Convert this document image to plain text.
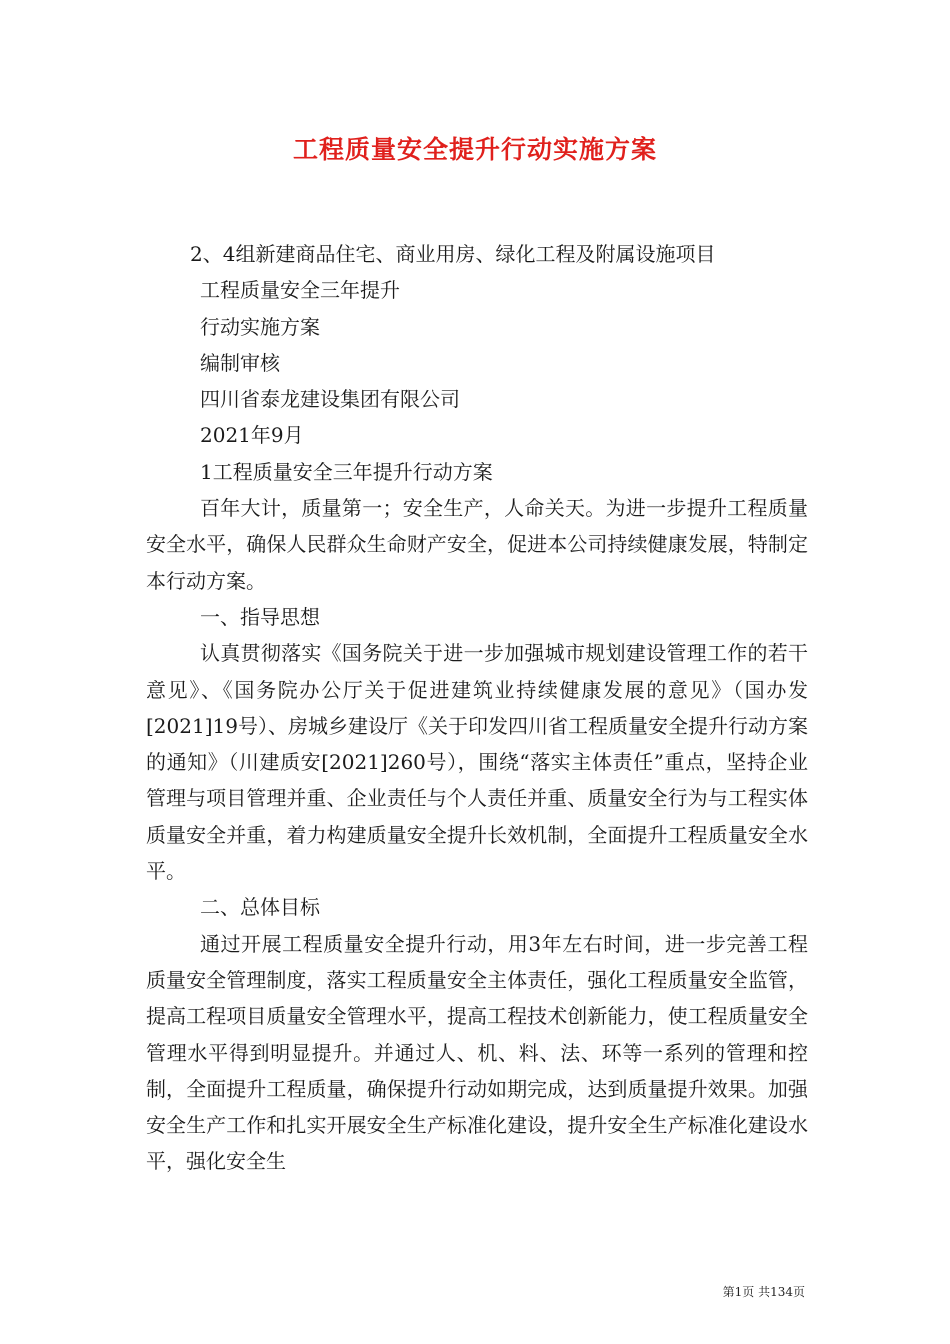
工程质量安全提升行动实施方案

2、4组新建商品住宅、商业用房、绿化工程及附属设施项目

工程质量安全三年提升

行动实施方案

编制审核

四川省泰龙建设集团有限公司

2021年9月

1工程质量安全三年提升行动方案

百年大计，质量第一；安全生产，人命关天。为进一步提升工程质量安全水平，确保人民群众生命财产安全，促进本公司持续健康发展，特制定本行动方案。

一、指导思想

认真贯彻落实《国务院关于进一步加强城市规划建设管理工作的若干意见》、《国务院办公厅关于促进建筑业持续健康发展的意见》（国办发[2021]19号）、房城乡建设厅《关于印发四川省工程质量安全提升行动方案的通知》（川建质安[2021]260号），围绕“落实主体责任”重点，坚持企业管理与项目管理并重、企业责任与个人责任并重、质量安全行为与工程实体质量安全并重，着力构建质量安全提升长效机制，全面提升工程质量安全水平。

二、总体目标

通过开展工程质量安全提升行动，用3年左右时间，进一步完善工程质量安全管理制度，落实工程质量安全主体责任，强化工程质量安全监管，提高工程项目质量安全管理水平，提高工程技术创新能力，使工程质量安全管理水平得到明显提升。并通过人、机、料、法、环等一系列的管理和控制，全面提升工程质量，确保提升行动如期完成，达到质量提升效果。加强安全生产工作和扎实开展安全生产标准化建设，提升安全生产标准化建设水平，强化安全生

第1页 共134页
